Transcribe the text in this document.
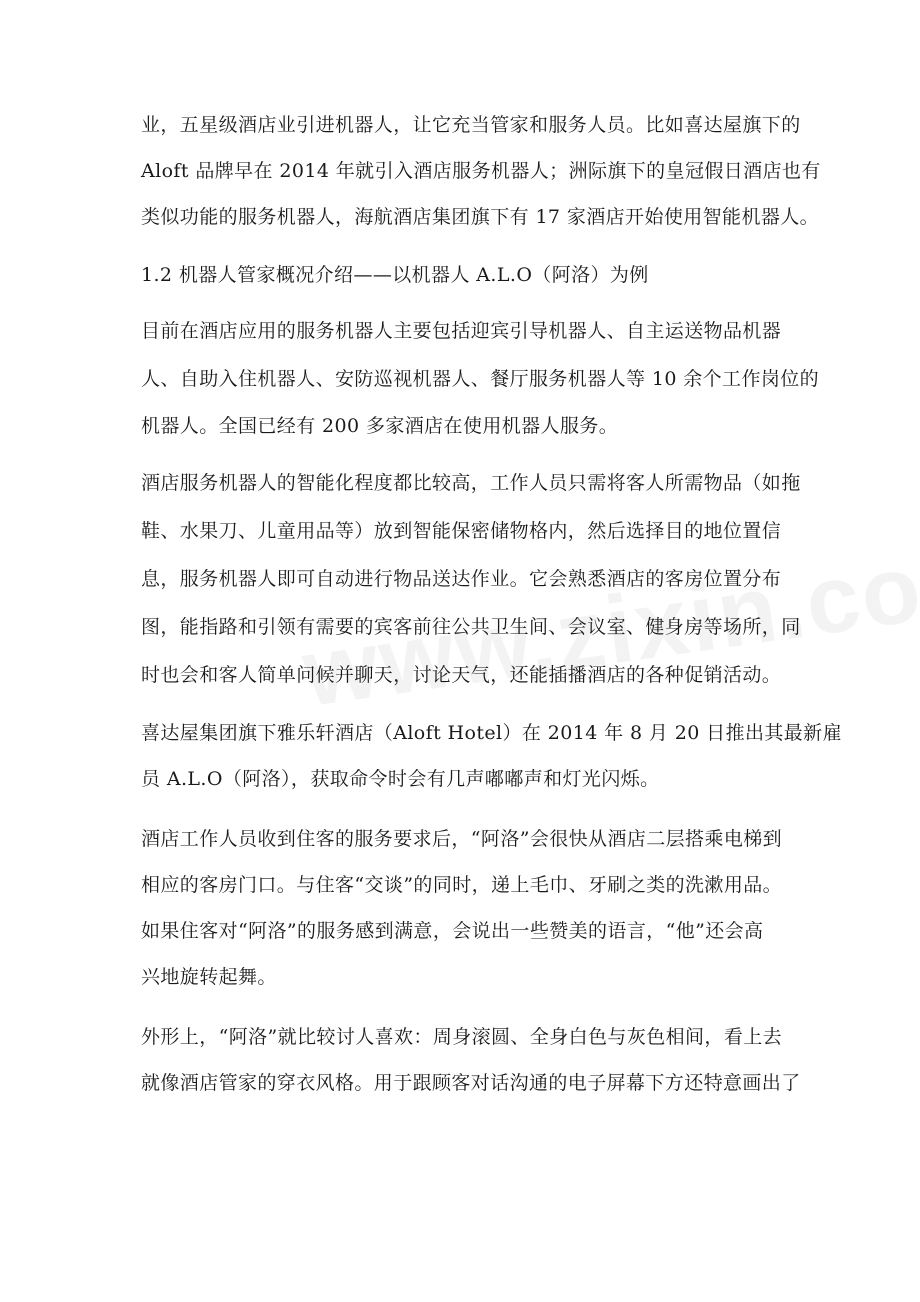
业，五星级酒店业引进机器人，让它充当管家和服务人员。比如喜达屋旗下的
Aloft 品牌早在 2014 年就引入酒店服务机器人；洲际旗下的皇冠假日酒店也有
类似功能的服务机器人，海航酒店集团旗下有 17 家酒店开始使用智能机器人。
1.2 机器人管家概况介绍——以机器人 A.L.O（阿洛）为例
目前在酒店应用的服务机器人主要包括迎宾引导机器人、自主运送物品机器
人、自助入住机器人、安防巡视机器人、餐厅服务机器人等 10 余个工作岗位的
机器人。全国已经有 200 多家酒店在使用机器人服务。
酒店服务机器人的智能化程度都比较高，工作人员只需将客人所需物品（如拖
鞋、水果刀、儿童用品等）放到智能保密储物格内，然后选择目的地位置信
息，服务机器人即可自动进行物品送达作业。它会熟悉酒店的客房位置分布
图，能指路和引领有需要的宾客前往公共卫生间、会议室、健身房等场所，同
时也会和客人简单问候并聊天，讨论天气，还能插播酒店的各种促销活动。
喜达屋集团旗下雅乐轩酒店（Aloft Hotel）在 2014 年 8 月 20 日推出其最新雇
员 A.L.O（阿洛），获取命令时会有几声嘟嘟声和灯光闪烁。
酒店工作人员收到住客的服务要求后，“阿洛”会很快从酒店二层搭乘电梯到
相应的客房门口。与住客“交谈”的同时，递上毛巾、牙刷之类的洗漱用品。
如果住客对“阿洛”的服务感到满意，会说出一些赞美的语言，“他”还会高
兴地旋转起舞。
外形上，“阿洛”就比较讨人喜欢：周身滚圆、全身白色与灰色相间，看上去
就像酒店管家的穿衣风格。用于跟顾客对话沟通的电子屏幕下方还特意画出了
